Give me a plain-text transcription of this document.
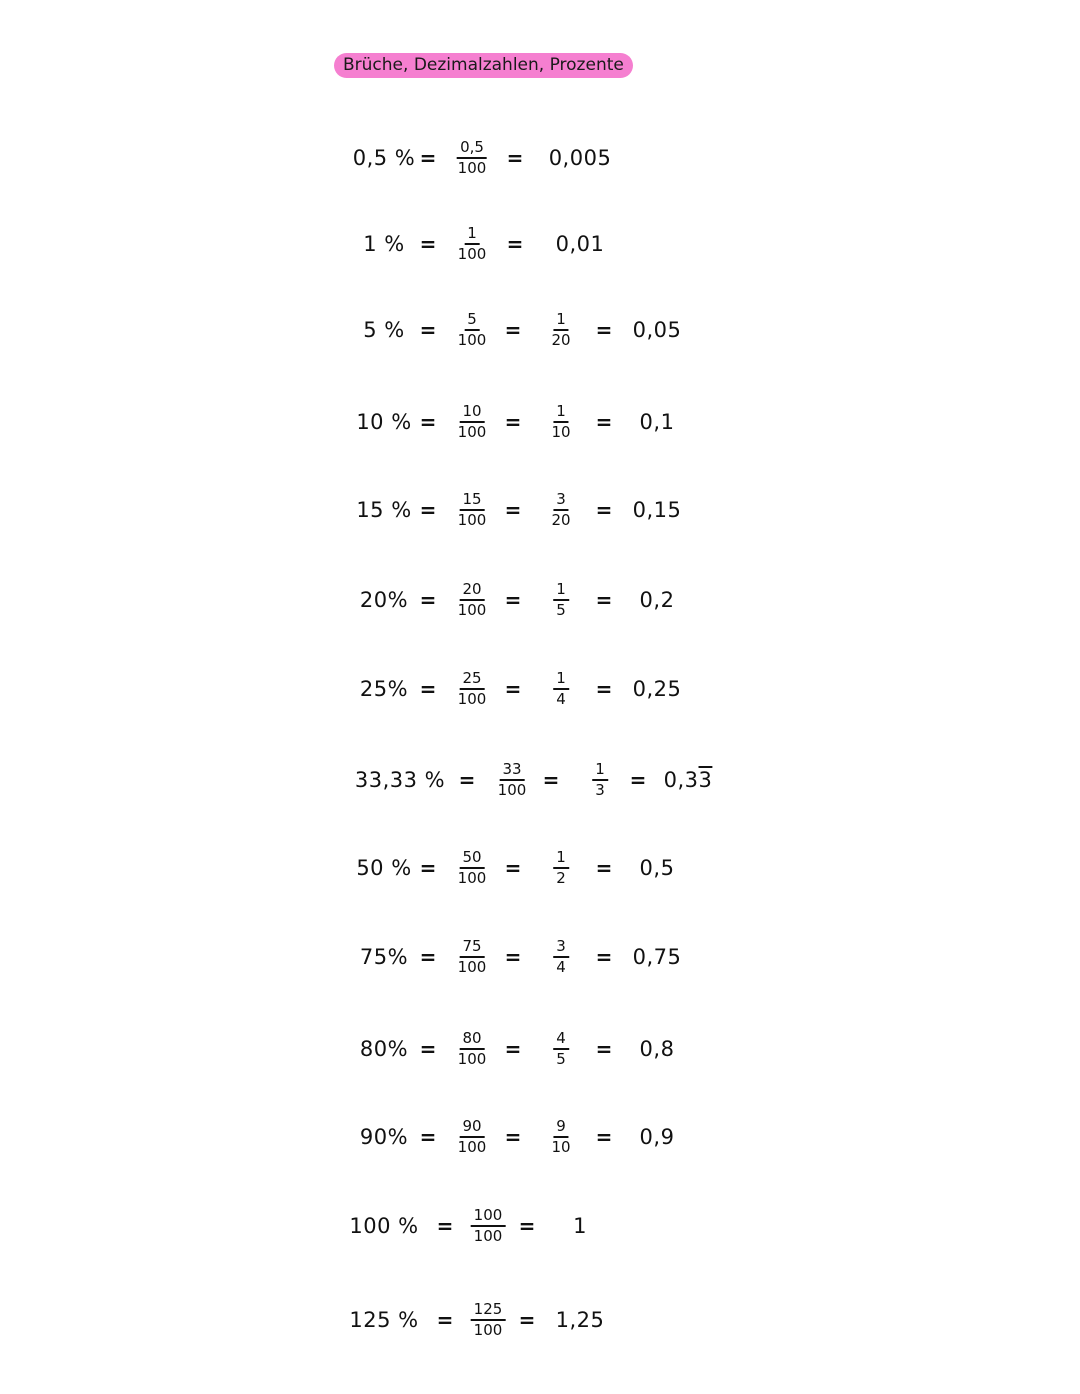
Brüche, Dezimalzahlen, Prozente
0,5 % = $\frac{0,5}{100} = 0,005$
1 % = $\frac{1}{100} = 0,01$
5 % = $\frac{5}{100} = \frac{1}{20} = 0,05$
10 % = $\frac{10}{100} = \frac{1}{10} = 0,1$
15 % = $\frac{15}{100} = \frac{3}{20} = 0,15$
$20\% = \frac{20}{100} = \frac{1}{5} = 0,2$
$25\% = \frac{25}{100} = \frac{1}{4} = 0,25$
33,33 % = $\frac{33}{100} = \frac{1}{3} = 0,33$
50 % = $\frac{50}{100} = \frac{1}{2} = 0,5$
$75\% = \frac{75}{100} = \frac{3}{4} = 0,75$
$80\% = \frac{80}{100} = \frac{4}{5} = 0,8$
$90\% = \frac{90}{100} = \frac{9}{10} = 0,9$
100 % = $\frac{100}{100} = 1$
125 % = $\frac{125}{100} = 1,25$
